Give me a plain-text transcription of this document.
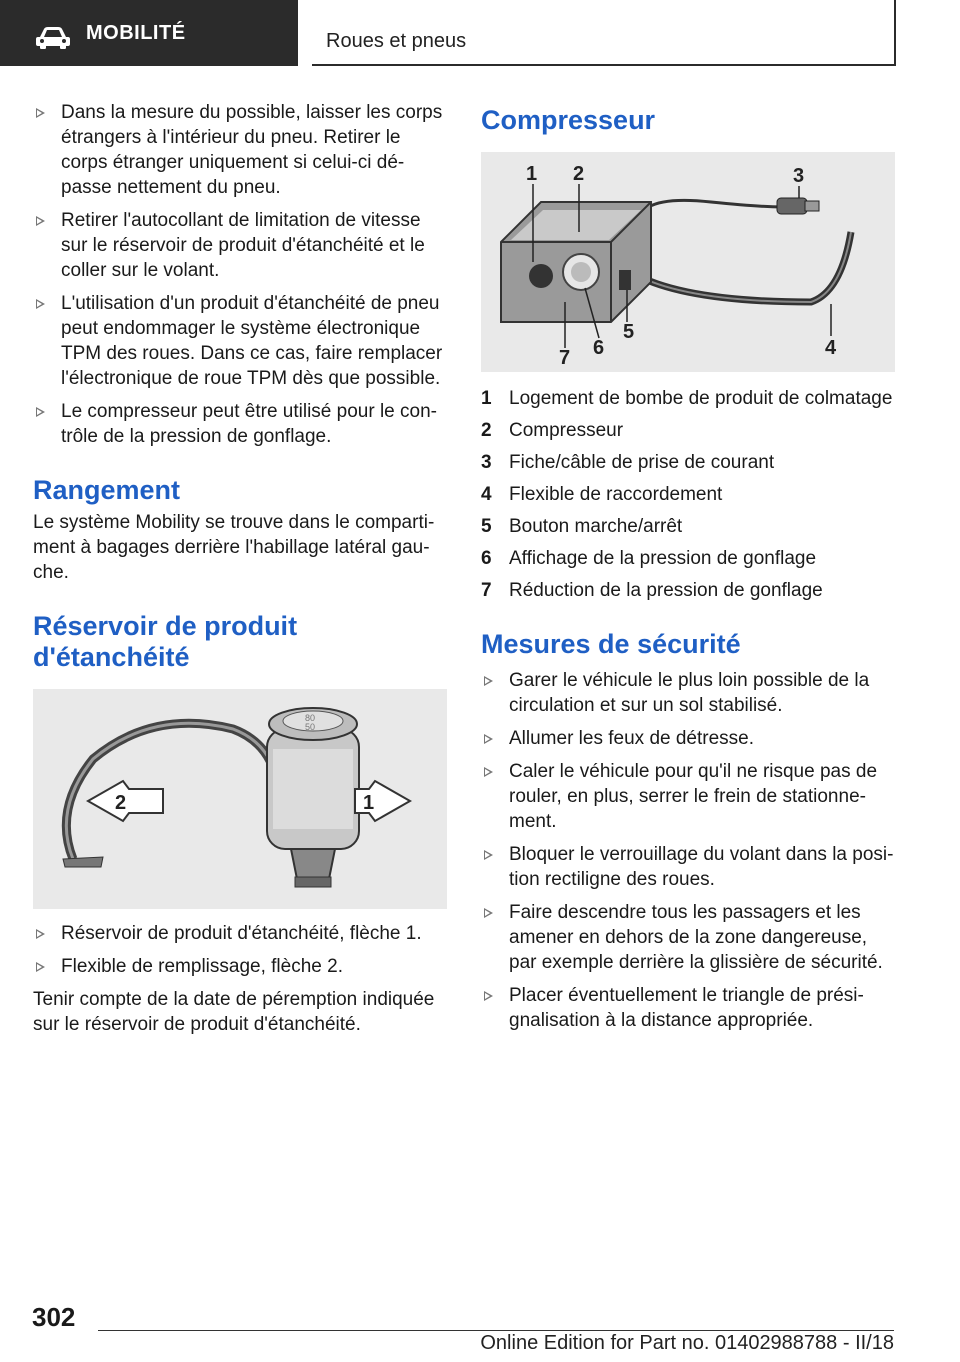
MOBILITÉ	Roues et pneus
Dans la mesure du possible, laisser les corps étrangers à l'intérieur du pneu. Retirer le corps étranger uniquement si celui-ci dépasse nettement du pneu.
Retirer l'autocollant de limitation de vitesse sur le réservoir de produit d'étanchéité et le coller sur le volant.
L'utilisation d'un produit d'étanchéité de pneu peut endommager le système électronique TPM des roues. Dans ce cas, faire remplacer l'électronique de roue TPM dès que possible.
Le compresseur peut être utilisé pour le contrôle de la pression de gonflage.
Rangement

Le système Mobility se trouve dans le compartiment à bagages derrière l'habillage latéral gauche.

Réservoir de produit d'étanchéité
80
50
2	1
Réservoir de produit d'étanchéité, flèche 1.
Flexible de remplissage, flèche 2.

Tenir compte de la date de péremption indiquée sur le réservoir de produit d'étanchéité.

Compresseur
1 2	3
4
5
6
7
1 Logement de bombe de produit de colmatage
2 Compresseur
3 Fiche/câble de prise de courant
4 Flexible de raccordement
5 Bouton marche/arrêt
6 Affichage de la pression de gonflage
7 Réduction de la pression de gonflage
Mesures de sécurité
Garer le véhicule le plus loin possible de la circulation et sur un sol stabilisé.
Allumer les feux de détresse.
Caler le véhicule pour qu'il ne risque pas de rouler, en plus, serrer le frein de stationnement.
Bloquer le verrouillage du volant dans la position rectiligne des roues.
Faire descendre tous les passagers et les amener en dehors de la zone dangereuse, par exemple derrière la glissière de sécurité.
Placer éventuellement le triangle de présignalisation à la distance appropriée.
302
Online Edition for Part no. 01402988788 - II/18
